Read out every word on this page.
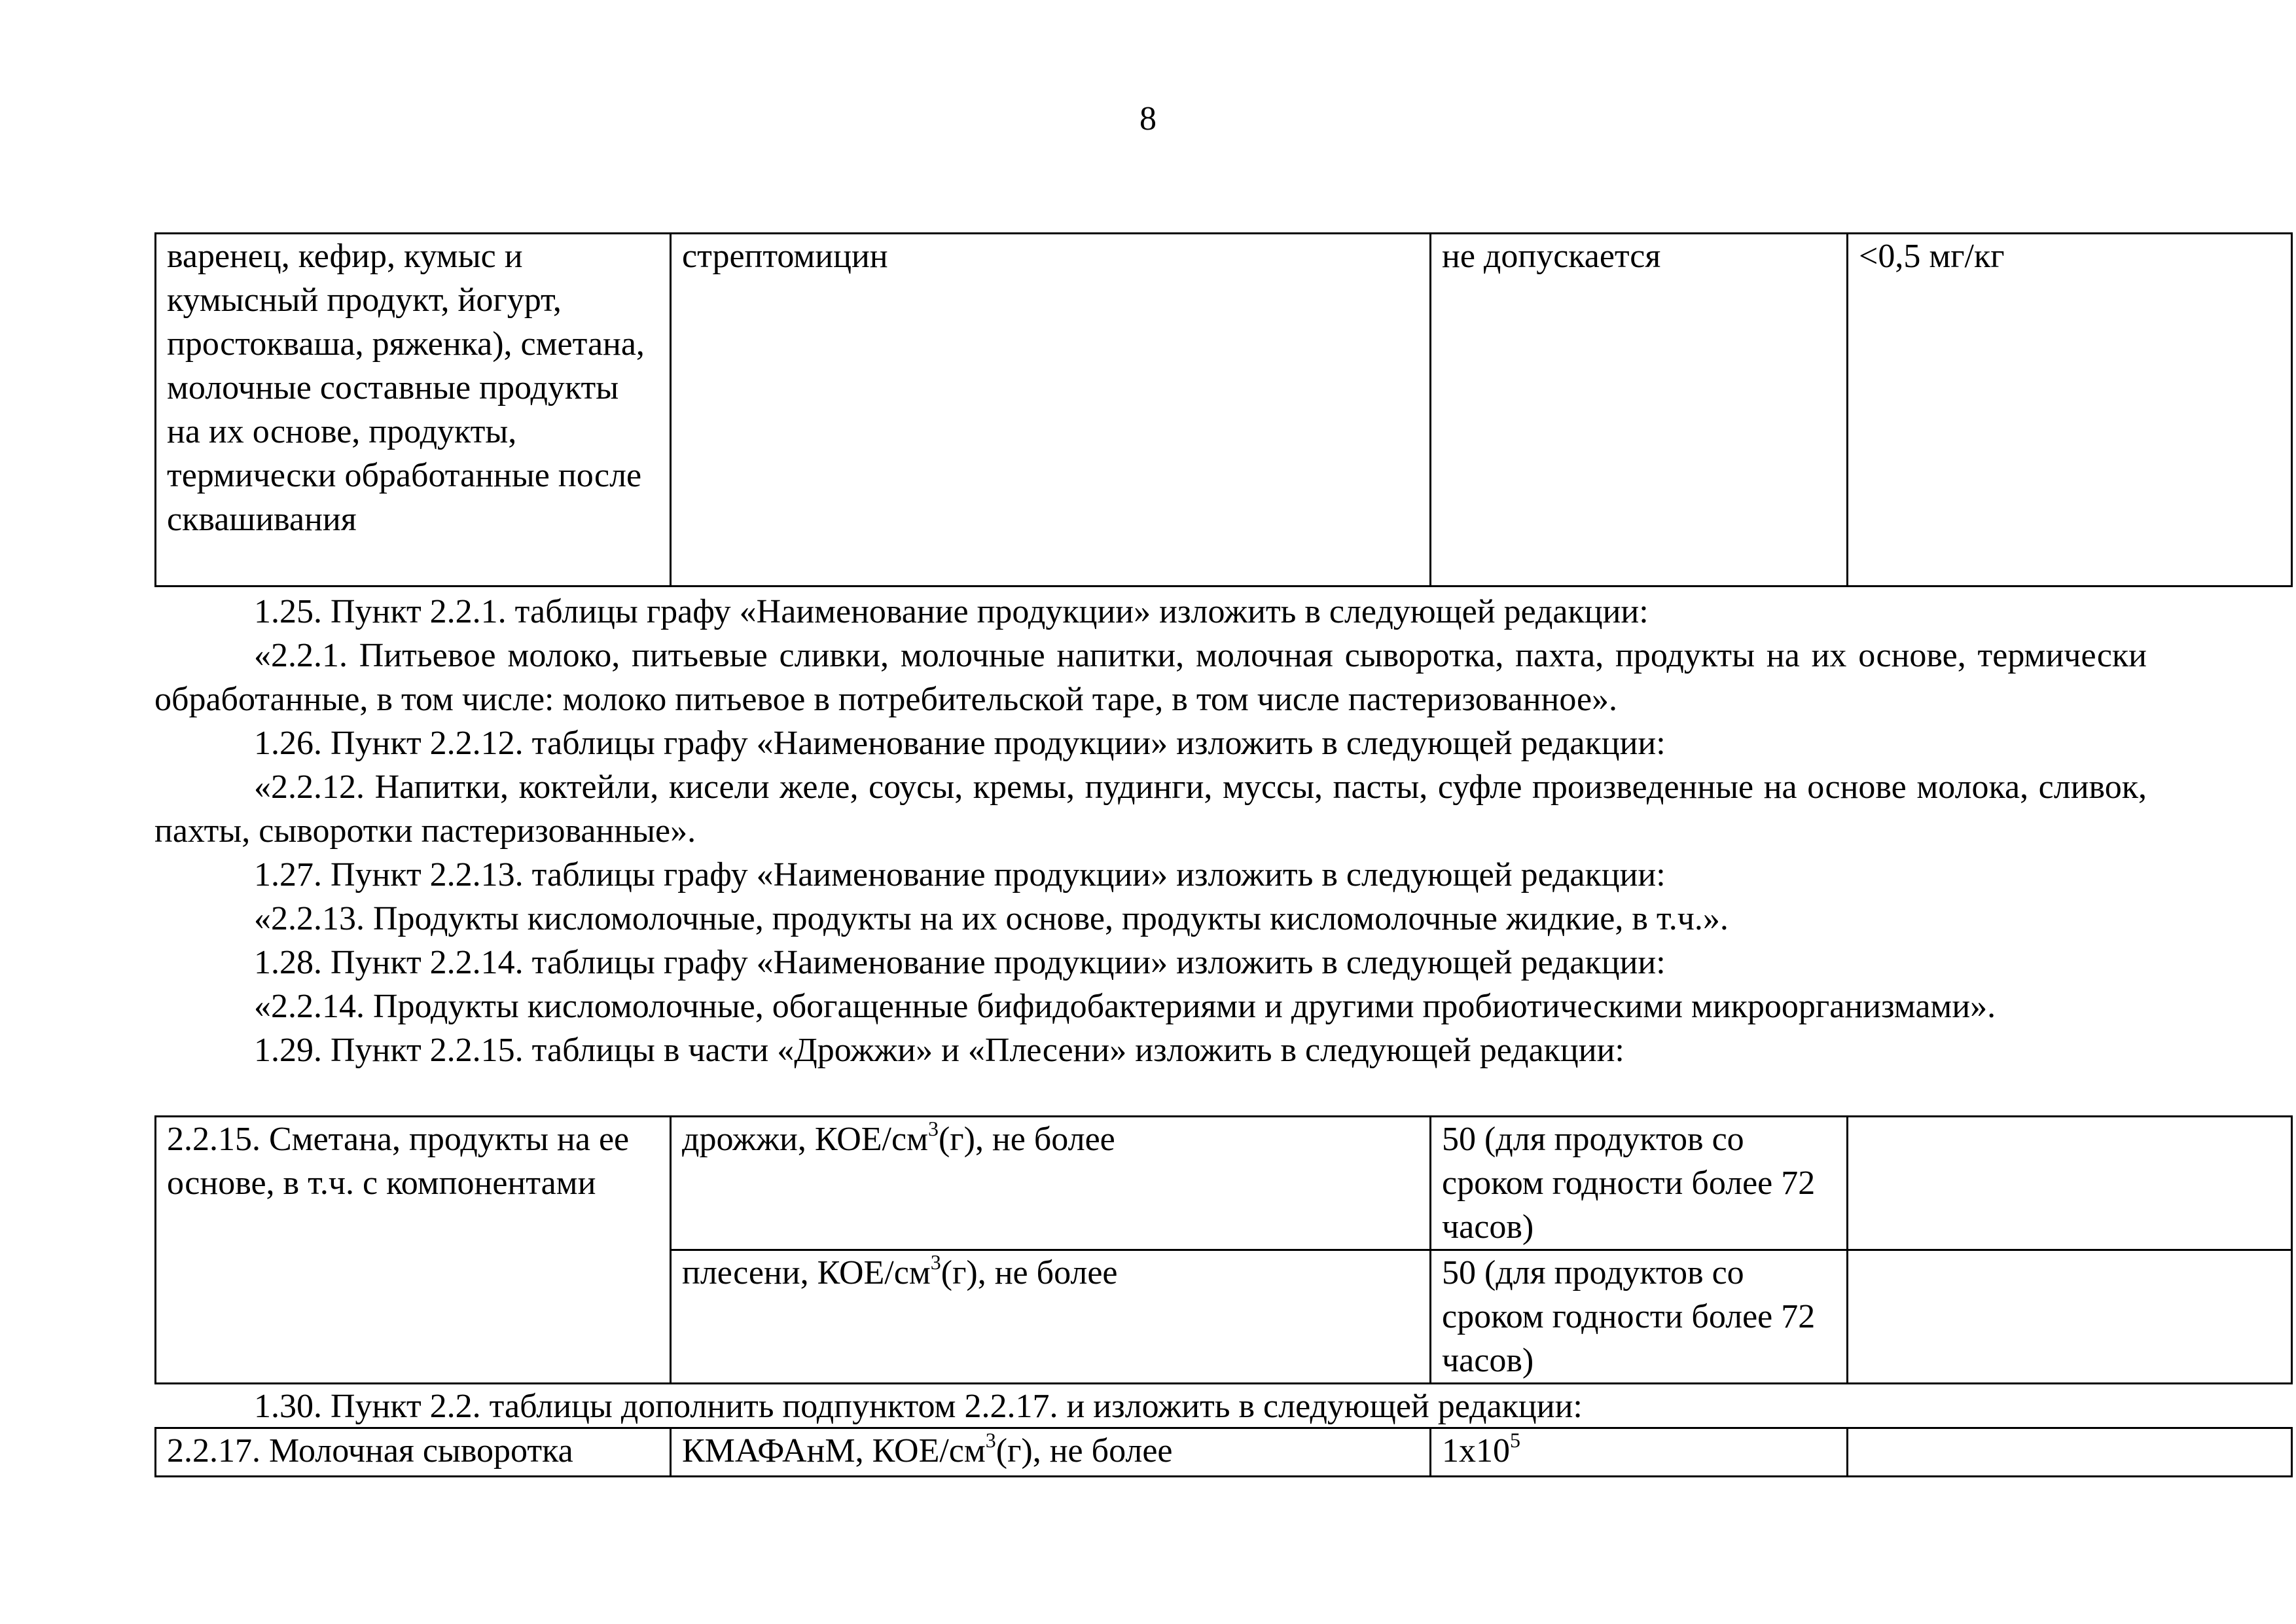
8
варенец, кефир, кумыс и кумысный продукт, йогурт, простокваша, ряженка), сметана, молочные составные продукты на их основе, продукты, термически обработанные после сквашивания	стрептомицин	не допускается	<0,5 мг/кг

1.25. Пункт 2.2.1. таблицы графу «Наименование продукции» изложить в следующей редакции:

«2.2.1. Питьевое молоко, питьевые сливки, молочные напитки, молочная сыворотка, пахта, продукты на их основе, термически обработанные, в том числе: молоко питьевое в потребительской таре, в том числе пастеризованное».

1.26. Пункт 2.2.12. таблицы графу «Наименование продукции» изложить в следующей редакции:

«2.2.12. Напитки, коктейли, кисели желе, соусы, кремы, пудинги, муссы, пасты, суфле произведенные на основе молока, сливок, пахты, сыворотки пастеризованные».

1.27. Пункт 2.2.13. таблицы графу «Наименование продукции» изложить в следующей редакции:

«2.2.13. Продукты кисломолочные, продукты на их основе, продукты кисломолочные жидкие, в т.ч.».

1.28. Пункт 2.2.14. таблицы графу «Наименование продукции» изложить в следующей редакции:

«2.2.14. Продукты кисломолочные, обогащенные бифидобактериями и другими пробиотическими микроорганизмами».

1.29. Пункт 2.2.15. таблицы в части «Дрожжи» и «Плесени» изложить в следующей редакции:

2.2.15. Сметана, продукты на ее основе, в т.ч. с компонентами	дрожжи, КОЕ/$см^3(г)$, не более	50 (для продуктов со сроком годности более 72 часов)	
	плесени, КОЕ/$см^3(г)$, не более	50 (для продуктов со сроком годности более 72 часов)	

1.30. Пункт 2.2. таблицы дополнить подпунктом 2.2.17. и изложить в следующей редакции:

2.2.17. Молочная сыворотка	КМАФАнМ, КОЕ/$см^3(г)$, не более	$1х10^5$	
